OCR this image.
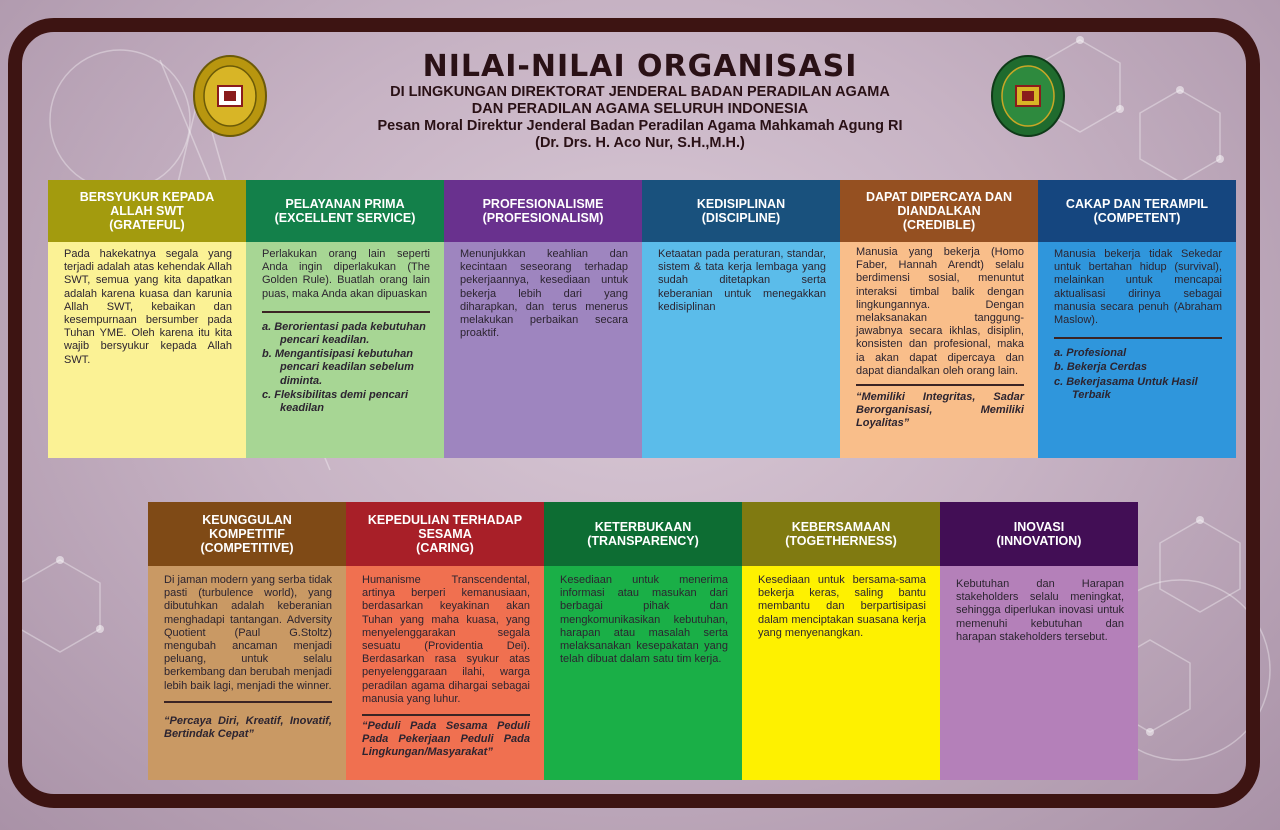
NILAI-NILAI ORGANISASI
DI LINGKUNGAN DIREKTORAT JENDERAL BADAN PERADILAN AGAMA
DAN PERADILAN AGAMA SELURUH INDONESIA
Pesan Moral Direktur Jenderal Badan Peradilan Agama Mahkamah Agung RI
(Dr. Drs. H. Aco Nur, S.H.,M.H.)
BERSYUKUR KEPADA
ALLAH SWT
(GRATEFUL)

Pada hakekatnya segala yang terjadi adalah atas kehendak Allah SWT, semua yang kita dapatkan adalah karena kuasa dan karunia Allah SWT, kebaikan dan kesempurnaan bersumber pada Tuhan YME. Oleh karena itu kita wajib bersyukur kepada Allah SWT.

PELAYANAN PRIMA
(EXCELLENT SERVICE)

Perlakukan orang lain seperti Anda ingin diperlakukan (The Golden Rule). Buatlah orang lain puas, maka Anda akan dipuaskan

a. Berorientasi pada kebutuhan pencari keadilan.
b. Mengantisipasi kebutuhan pencari keadilan sebelum diminta.
c. Fleksibilitas demi pencari keadilan
PROFESIONALISME
(PROFESIONALISM)

Menunjukkan keahlian dan kecintaan seseorang terhadap pekerjaannya, kesediaan untuk bekerja lebih dari yang diharapkan, dan terus menerus melakukan perbaikan secara proaktif.

KEDISIPLINAN
(DISCIPLINE)

Ketaatan pada peraturan, standar, sistem & tata kerja lembaga yang sudah ditetapkan serta keberanian untuk menegakkan kedisiplinan

DAPAT DIPERCAYA DAN
DIANDALKAN
(CREDIBLE)

Manusia yang bekerja (Homo Faber, Hannah Arendt) selalu berdimensi sosial, menuntut interaksi timbal balik dengan lingkungannya. Dengan melaksanakan tanggung-jawabnya secara ikhlas, disiplin, konsisten dan profesional, maka ia akan dapat dipercaya dan dapat diandalkan oleh orang lain.

“Memiliki Integritas, Sadar Berorganisasi, Memiliki Loyalitas”

CAKAP DAN TERAMPIL
(COMPETENT)

Manusia bekerja tidak Sekedar untuk bertahan hidup (survival), melainkan untuk mencapai aktualisasi dirinya sebagai manusia secara penuh (Abraham Maslow).

a. Profesional
b. Bekerja Cerdas
c. Bekerjasama Untuk Hasil Terbaik
KEUNGGULAN
KOMPETITIF
(COMPETITIVE)

Di jaman modern yang serba tidak pasti (turbulence world), yang dibutuhkan adalah keberanian menghadapi tantangan. Adversity Quotient (Paul G.Stoltz) mengubah ancaman menjadi peluang, untuk selalu berkembang dan berubah menjadi lebih baik lagi, menjadi the winner.

“Percaya Diri, Kreatif, Inovatif, Bertindak Cepat”

KEPEDULIAN TERHADAP
SESAMA
(CARING)

Humanisme Transcendental, artinya berperi kemanusiaan, berdasarkan keyakinan akan Tuhan yang maha kuasa, yang menyelenggarakan segala sesuatu (Providentia Dei). Berdasarkan rasa syukur atas penyelenggaraan ilahi, warga peradilan agama dihargai sebagai manusia yang luhur.

“Peduli Pada Sesama Peduli Pada Pekerjaan Peduli Pada Lingkungan/Masyarakat”

KETERBUKAAN
(TRANSPARENCY)

Kesediaan untuk menerima informasi atau masukan dari berbagai pihak dan mengkomunikasikan kebutuhan, harapan atau masalah serta melaksanakan kesepakatan yang telah dibuat dalam satu tim kerja.

KEBERSAMAAN
(TOGETHERNESS)

Kesediaan untuk bersama-sama bekerja keras, saling bantu membantu dan berpartisipasi dalam menciptakan suasana kerja yang menyenangkan.

INOVASI
(INNOVATION)

Kebutuhan dan Harapan stakeholders selalu meningkat, sehingga diperlukan inovasi untuk memenuhi kebutuhan dan harapan stakeholders tersebut.
